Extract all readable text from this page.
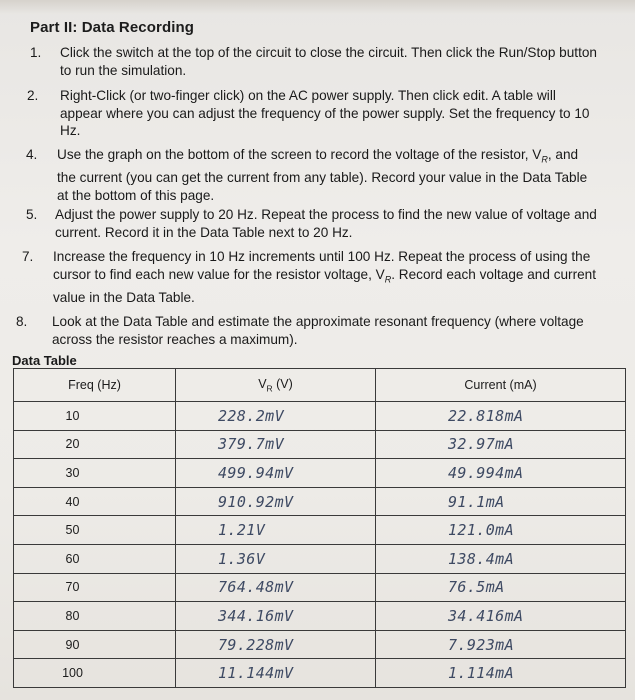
Part II: Data Recording
1. Click the switch at the top of the circuit to close the circuit. Then click the Run/Stop button
to run the simulation.
2. Right-Click (or two-finger click) on the AC power supply. Then click edit. A table will
appear where you can adjust the frequency of the power supply. Set the frequency to 10
Hz.
4. Use the graph on the bottom of the screen to record the voltage of the resistor, $V_R$, and
the current (you can get the current from any table). Record your value in the Data Table
at the bottom of this page.
5. Adjust the power supply to 20 Hz. Repeat the process to find the new value of voltage and
current. Record it in the Data Table next to 20 Hz.
7. Increase the frequency in 10 Hz increments until 100 Hz. Repeat the process of using the
cursor to find each new value for the resistor voltage, $V_R$. Record each voltage and current
value in the Data Table.
8. Look at the Data Table and estimate the approximate resonant frequency (where voltage
across the resistor reaches a maximum).
Data Table
Freq (Hz)	$V_R$ (V)	Current (mA)
10	228.2mV	22.818mA
20	379.7mV	32.97mA
30	499.94mV	49.994mA
40	910.92mV	91.1mA
50	1.21V	121.0mA
60	1.36V	138.4mA
70	764.48mV	76.5mA
80	344.16mV	34.416mA
90	79.228mV	7.923mA
100	11.144mV	1.114mA
